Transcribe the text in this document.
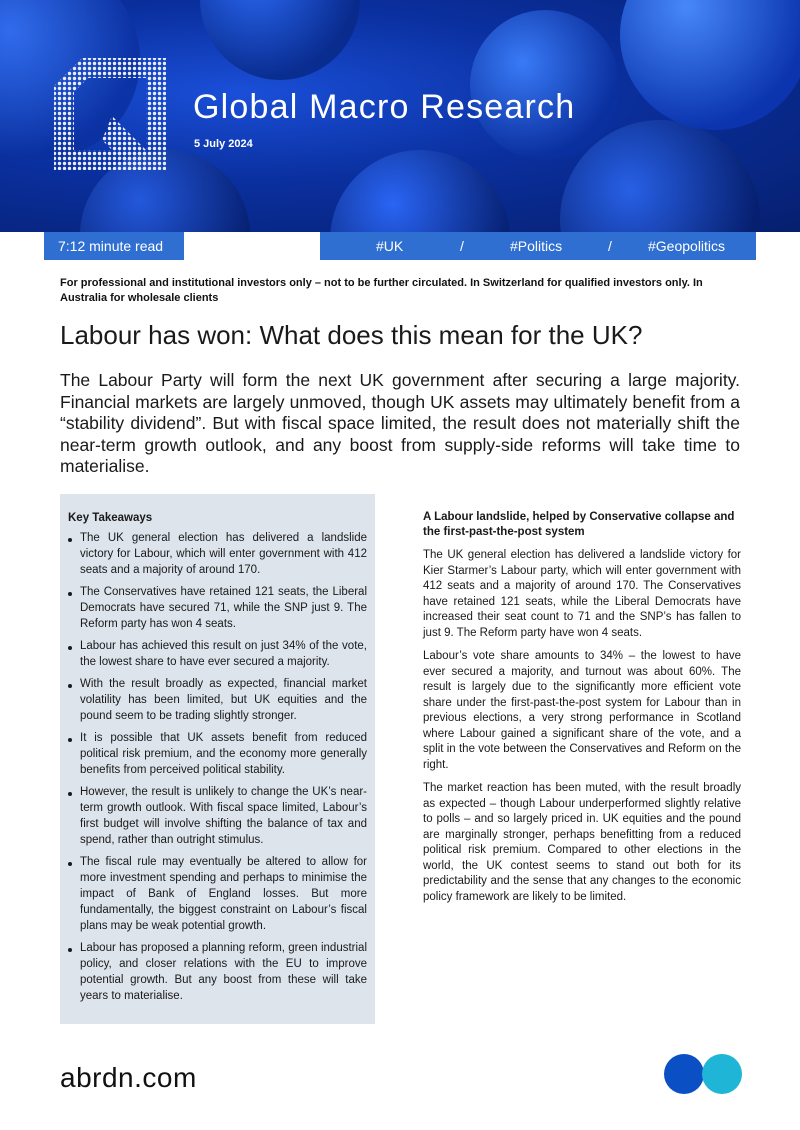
Global Macro Research
5 July 2024
7:12 minute read	#UK	/	#Politics	/	#Geopolitics
For professional and institutional investors only – not to be further circulated. In Switzerland for qualified investors only. In Australia for wholesale clients
Labour has won: What does this mean for the UK?

The Labour Party will form the next UK government after securing a large majority. Financial markets are largely unmoved, though UK assets may ultimately benefit from a “stability dividend”. But with fiscal space limited, the result does not materially shift the near-term growth outlook, and any boost from supply-side reforms will take time to materialise.

Key Takeaways
The UK general election has delivered a landslide victory for Labour, which will enter government with 412 seats and a majority of around 170.
The Conservatives have retained 121 seats, the Liberal Democrats have secured 71, while the SNP just 9. The Reform party has won 4 seats.
Labour has achieved this result on just 34% of the vote, the lowest share to have ever secured a majority.
With the result broadly as expected, financial market volatility has been limited, but UK equities and the pound seem to be trading slightly stronger.
It is possible that UK assets benefit from reduced political risk premium, and the economy more generally benefits from perceived political stability.
However, the result is unlikely to change the UK’s near-term growth outlook. With fiscal space limited, Labour’s first budget will involve shifting the balance of tax and spend, rather than outright stimulus.
The fiscal rule may eventually be altered to allow for more investment spending and perhaps to minimise the impact of Bank of England losses. But more fundamentally, the biggest constraint on Labour’s fiscal plans may be weak potential growth.
Labour has proposed a planning reform, green industrial policy, and closer relations with the EU to improve potential growth. But any boost from these will take years to materialise.
A Labour landslide, helped by Conservative collapse and the first-past-the-post system

The UK general election has delivered a landslide victory for Kier Starmer’s Labour party, which will enter government with 412 seats and a majority of around 170. The Conservatives have retained 121 seats, while the Liberal Democrats have increased their seat count to 71 and the SNP’s has fallen to just 9. The Reform party have won 4 seats.

Labour’s vote share amounts to 34% – the lowest to have ever secured a majority, and turnout was about 60%. The result is largely due to the significantly more efficient vote share under the first-past-the-post system for Labour than in previous elections, a very strong performance in Scotland where Labour gained a significant share of the vote, and a split in the vote between the Conservatives and Reform on the right.

The market reaction has been muted, with the result broadly as expected – though Labour underperformed slightly relative to polls – and so largely priced in. UK equities and the pound are marginally stronger, perhaps benefitting from a reduced political risk premium. Compared to other elections in the world, the UK contest seems to stand out both for its predictability and the sense that any changes to the economic policy framework are likely to be limited.

abrdn.com
